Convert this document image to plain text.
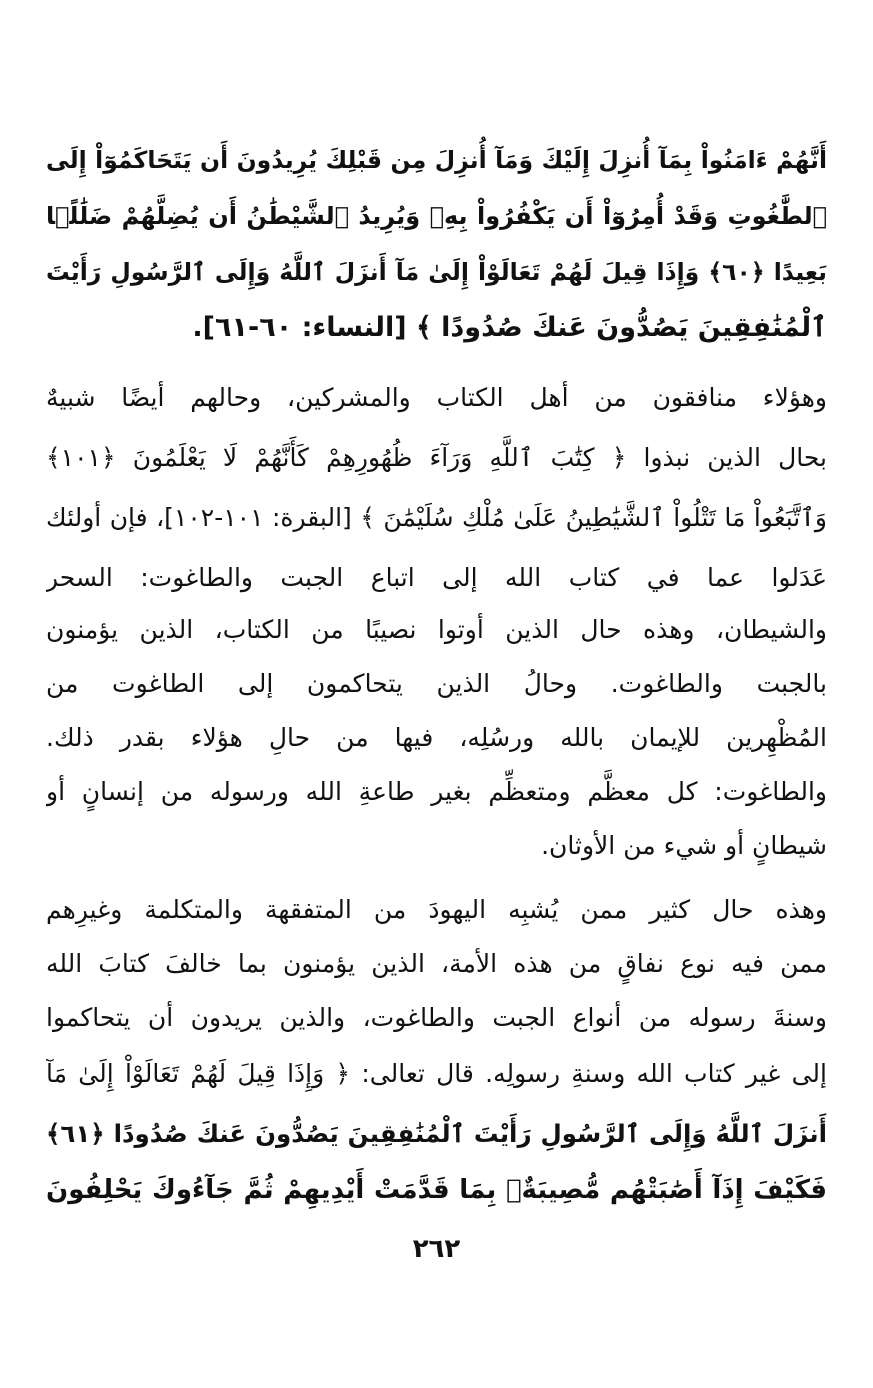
أَنَّهُمْ ءَامَنُواْ بِمَآ أُنزِلَ إِلَيْكَ وَمَآ أُنزِلَ مِن قَبْلِكَ يُرِيدُونَ أَن يَتَحَاكَمُوٓاْ إِلَى
ٱلطَّٰغُوتِ وَقَدْ أُمِرُوٓاْ أَن يَكْفُرُواْ بِهِۦ وَيُرِيدُ ٱلشَّيْطَٰنُ أَن يُضِلَّهُمْ ضَلَٰلًۢا
بَعِيدًا ﴿٦٠﴾ وَإِذَا قِيلَ لَهُمْ تَعَالَوْاْ إِلَىٰ مَآ أَنزَلَ ٱللَّهُ وَإِلَى ٱلرَّسُولِ رَأَيْتَ
ٱلْمُنَٰفِقِينَ يَصُدُّونَ عَنكَ صُدُودًا ﴾ [النساء: ٦٠-٦١].
وهؤلاء منافقون من أهل الكتاب والمشركين، وحالهم أيضًا شبيهٌ
بحال الذين نبذوا ﴿ كِتَٰبَ ٱللَّهِ وَرَآءَ ظُهُورِهِمْ كَأَنَّهُمْ لَا يَعْلَمُونَ ﴿١٠١﴾
وَٱتَّبَعُواْ مَا تَتْلُواْ ٱلشَّيَٰطِينُ عَلَىٰ مُلْكِ سُلَيْمَٰنَ ﴾ [البقرة: ١٠١-١٠٢]، فإن أولئك
عَدَلوا عما في كتاب الله إلى اتباع الجبت والطاغوت: السحر
والشيطان، وهذه حال الذين أوتوا نصيبًا من الكتاب، الذين يؤمنون
بالجبت والطاغوت. وحالُ الذين يتحاكمون إلى الطاغوت من
المُظْهِرين للإيمان بالله ورسُلِه، فيها من حالِ هؤلاء بقدر ذلك.
والطاغوت: كل معظَّم ومتعظِّم بغير طاعةِ الله ورسوله من إنسانٍ أو
شيطانٍ أو شيء من الأوثان.
وهذه حال كثير ممن يُشبِه اليهودَ من المتفقهة والمتكلمة وغيرِهم
ممن فيه نوع نفاقٍ من هذه الأمة، الذين يؤمنون بما خالفَ كتابَ الله
وسنةَ رسوله من أنواع الجبت والطاغوت، والذين يريدون أن يتحاكموا
إلى غير كتاب الله وسنةِ رسولِه. قال تعالى: ﴿ وَإِذَا قِيلَ لَهُمْ تَعَالَوْاْ إِلَىٰ مَآ
أَنزَلَ ٱللَّهُ وَإِلَى ٱلرَّسُولِ رَأَيْتَ ٱلْمُنَٰفِقِينَ يَصُدُّونَ عَنكَ صُدُودًا ﴿٦١﴾
فَكَيْفَ إِذَآ أَصَٰبَتْهُم مُّصِيبَةٌۢ بِمَا قَدَّمَتْ أَيْدِيهِمْ ثُمَّ جَآءُوكَ يَحْلِفُونَ
٢٦٢
